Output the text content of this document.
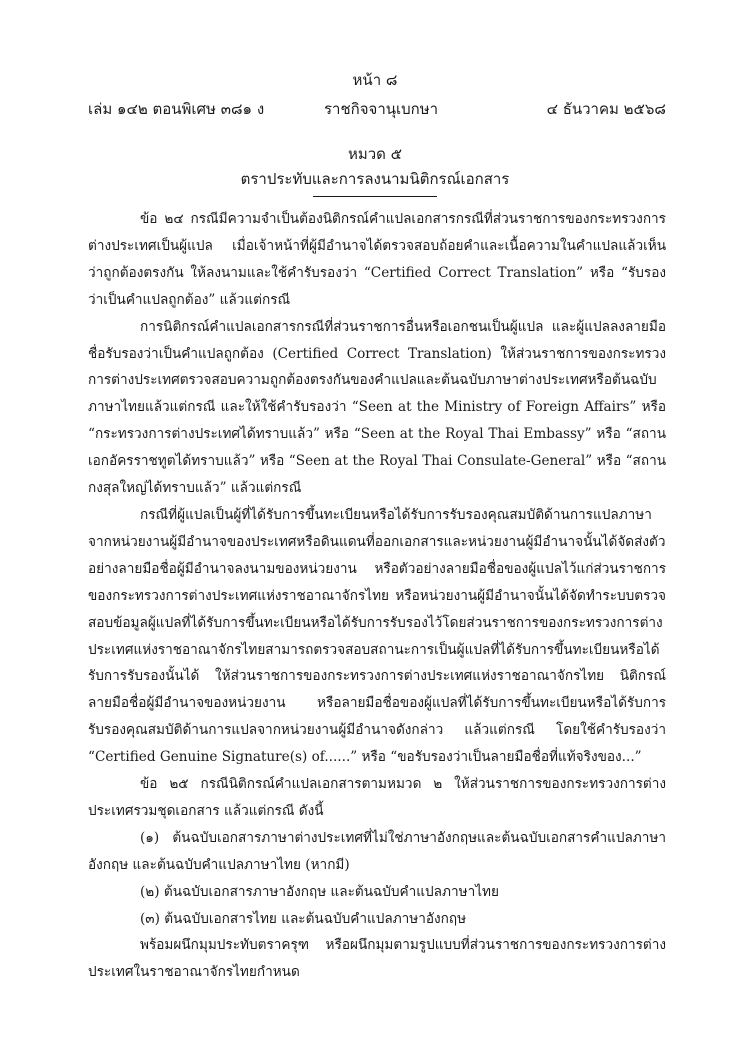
หน้า ๘
เล่ม ๑๔๒ ตอนพิเศษ ๓๘๑ ง	ราชกิจจานุเบกษา	๔ ธันวาคม ๒๕๖๘
หมวด ๕
ตราประทับและการลงนามนิติกรณ์เอกสาร

ข้อ ๒๔ กรณีมีความจำเป็นต้องนิติกรณ์คำแปลเอกสารกรณีที่ส่วนราชการของกระทรวงการต่างประเทศเป็นผู้แปล เมื่อเจ้าหน้าที่ผู้มีอำนาจได้ตรวจสอบถ้อยคำและเนื้อความในคำแปลแล้วเห็นว่าถูกต้องตรงกัน ให้ลงนามและใช้คำรับรองว่า “Certified Correct Translation” หรือ “รับรองว่าเป็นคำแปลถูกต้อง” แล้วแต่กรณี

การนิติกรณ์คำแปลเอกสารกรณีที่ส่วนราชการอื่นหรือเอกชนเป็นผู้แปล และผู้แปลลงลายมือชื่อรับรองว่าเป็นคำแปลถูกต้อง (Certified Correct Translation) ให้ส่วนราชการของกระทรวงการต่างประเทศตรวจสอบความถูกต้องตรงกันของคำแปลและต้นฉบับภาษาต่างประเทศหรือต้นฉบับภาษาไทยแล้วแต่กรณี และให้ใช้คำรับรองว่า “Seen at the Ministry of Foreign Affairs” หรือ “กระทรวงการต่างประเทศได้ทราบแล้ว” หรือ “Seen at the Royal Thai Embassy” หรือ “สถานเอกอัครราชทูตได้ทราบแล้ว” หรือ “Seen at the Royal Thai Consulate-General” หรือ “สถานกงสุลใหญ่ได้ทราบแล้ว” แล้วแต่กรณี

กรณีที่ผู้แปลเป็นผู้ที่ได้รับการขึ้นทะเบียนหรือได้รับการรับรองคุณสมบัติด้านการแปลภาษาจากหน่วยงานผู้มีอำนาจของประเทศหรือดินแดนที่ออกเอกสารและหน่วยงานผู้มีอำนาจนั้นได้จัดส่งตัวอย่างลายมือชื่อผู้มีอำนาจลงนามของหน่วยงาน หรือตัวอย่างลายมือชื่อของผู้แปลไว้แก่ส่วนราชการของกระทรวงการต่างประเทศแห่งราชอาณาจักรไทย หรือหน่วยงานผู้มีอำนาจนั้นได้จัดทำระบบตรวจสอบข้อมูลผู้แปลที่ได้รับการขึ้นทะเบียนหรือได้รับการรับรองไว้โดยส่วนราชการของกระทรวงการต่างประเทศแห่งราชอาณาจักรไทยสามารถตรวจสอบสถานะการเป็นผู้แปลที่ได้รับการขึ้นทะเบียนหรือได้รับการรับรองนั้นได้ ให้ส่วนราชการของกระทรวงการต่างประเทศแห่งราชอาณาจักรไทย นิติกรณ์ลายมือชื่อผู้มีอำนาจของหน่วยงาน หรือลายมือชื่อของผู้แปลที่ได้รับการขึ้นทะเบียนหรือได้รับการรับรองคุณสมบัติด้านการแปลจากหน่วยงานผู้มีอำนาจดังกล่าว แล้วแต่กรณี โดยใช้คำรับรองว่า “Certified Genuine Signature(s) of......” หรือ “ขอรับรองว่าเป็นลายมือชื่อที่แท้จริงของ...”

ข้อ ๒๕ กรณีนิติกรณ์คำแปลเอกสารตามหมวด ๒ ให้ส่วนราชการของกระทรวงการต่างประเทศรวมชุดเอกสาร แล้วแต่กรณี ดังนี้

(๑) ต้นฉบับเอกสารภาษาต่างประเทศที่ไม่ใช่ภาษาอังกฤษและต้นฉบับเอกสารคำแปลภาษาอังกฤษ และต้นฉบับคำแปลภาษาไทย (หากมี)

(๒) ต้นฉบับเอกสารภาษาอังกฤษ และต้นฉบับคำแปลภาษาไทย

(๓) ต้นฉบับเอกสารไทย และต้นฉบับคำแปลภาษาอังกฤษ

พร้อมผนึกมุมประทับตราครุฑ หรือผนึกมุมตามรูปแบบที่ส่วนราชการของกระทรวงการต่างประเทศในราชอาณาจักรไทยกำหนด
